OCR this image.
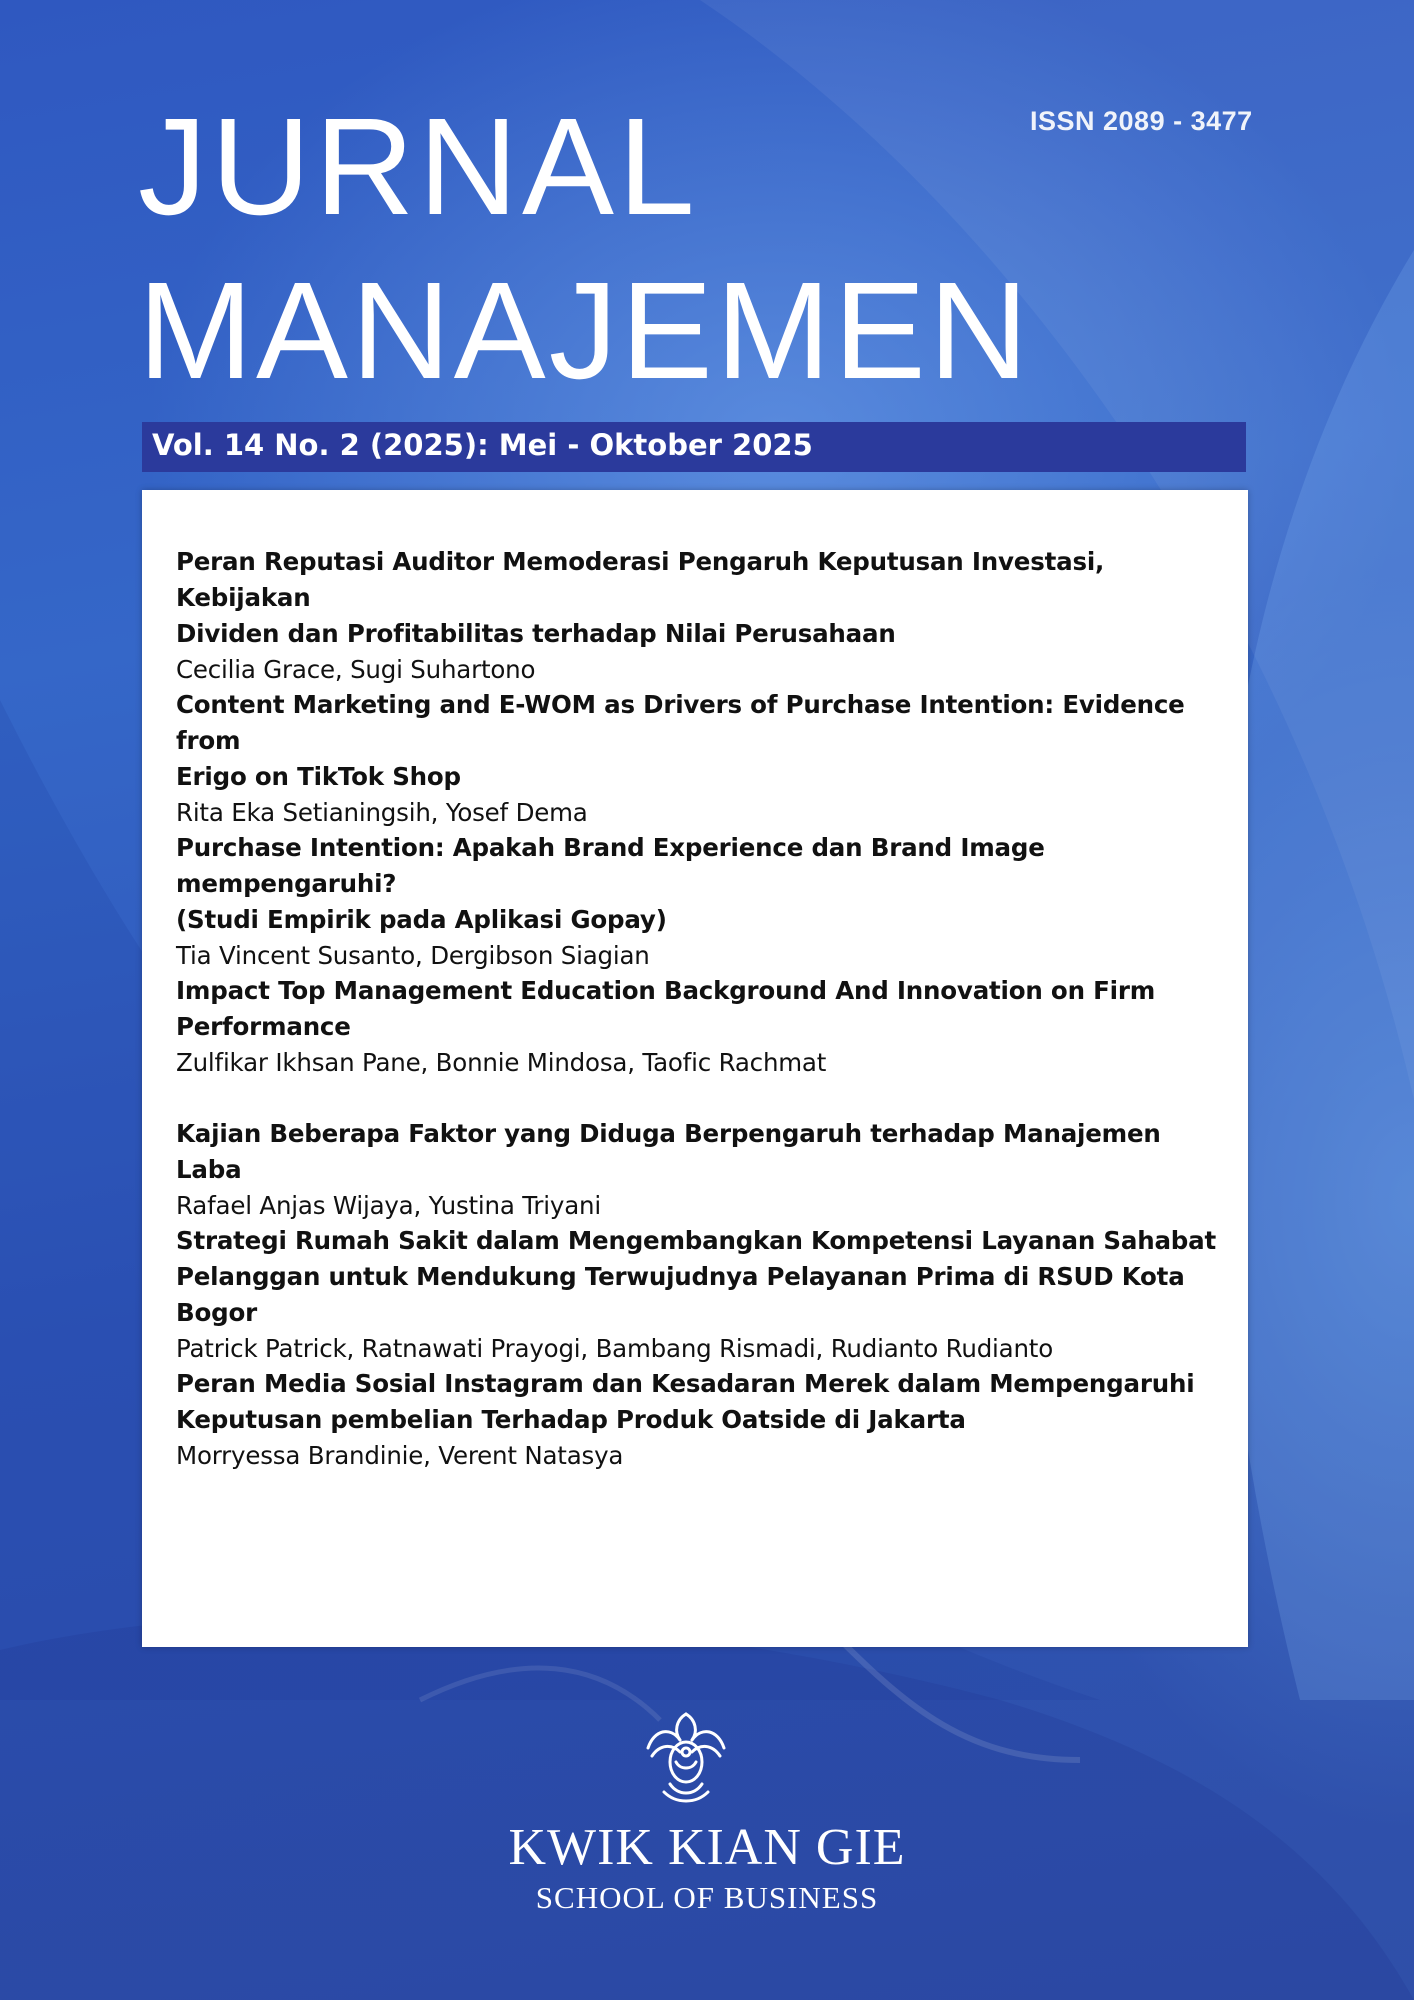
ISSN 2089 - 3477
JURNAL
MANAJEMEN
Vol. 14 No. 2 (2025): Mei - Oktober 2025
Peran Reputasi Auditor Memoderasi Pengaruh Keputusan Investasi, Kebijakan
Dividen dan Profitabilitas terhadap Nilai Perusahaan
Cecilia Grace, Sugi Suhartono
Content Marketing and E-WOM as Drivers of Purchase Intention: Evidence from
Erigo on TikTok Shop
Rita Eka Setianingsih, Yosef Dema
Purchase Intention: Apakah Brand Experience dan Brand Image mempengaruhi?
(Studi Empirik pada Aplikasi Gopay)
Tia Vincent Susanto, Dergibson Siagian
Impact Top Management Education Background And Innovation on Firm
Performance
Zulfikar Ikhsan Pane, Bonnie Mindosa, Taofic Rachmat
Kajian Beberapa Faktor yang Diduga Berpengaruh terhadap Manajemen Laba
Rafael Anjas Wijaya, Yustina Triyani
Strategi Rumah Sakit dalam Mengembangkan Kompetensi Layanan Sahabat
Pelanggan untuk Mendukung Terwujudnya Pelayanan Prima di RSUD Kota Bogor
Patrick Patrick, Ratnawati Prayogi, Bambang Rismadi, Rudianto Rudianto
Peran Media Sosial Instagram dan Kesadaran Merek dalam Mempengaruhi
Keputusan pembelian Terhadap Produk Oatside di Jakarta
Morryessa Brandinie, Verent Natasya
KWIK KIAN GIE
SCHOOL OF BUSINESS
